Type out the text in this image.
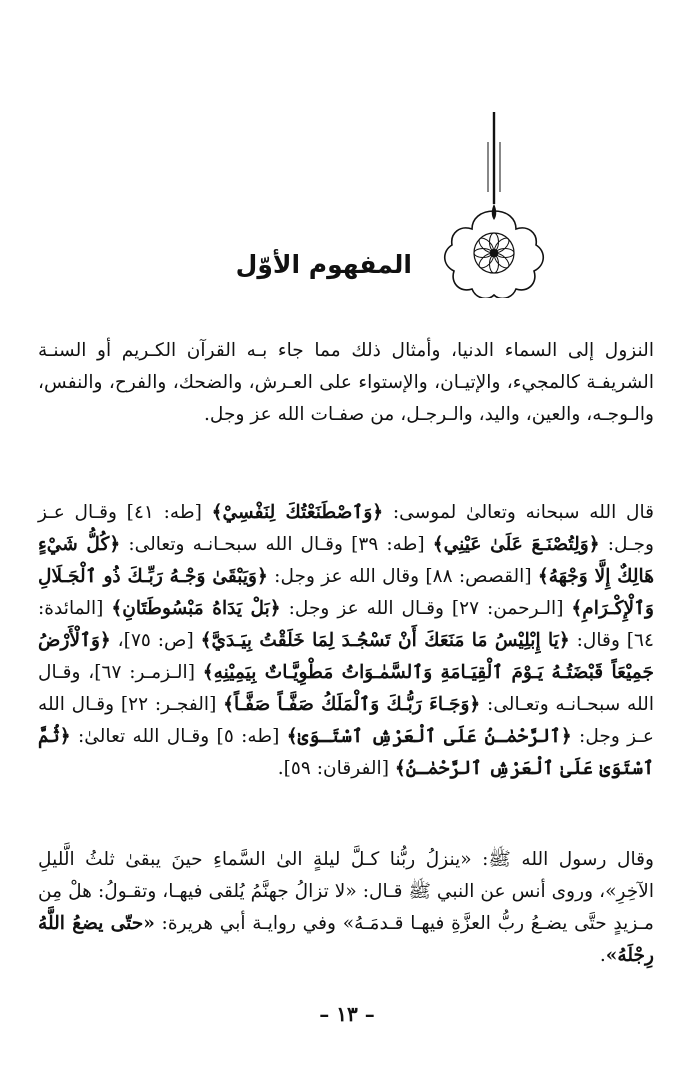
المفهوم الأوّل

النزول إلى السماء الدنيا، وأمثال ذلك مما جاء بـه القرآن الكـريم أو السنـة الشريفـة كالمجيء، والإتيـان، والإستواء على العـرش، والضحك، والفرح، والنفس، والـوجـه، والعين، واليد، والـرجـل، من صفـات الله عز وجل.

قال الله سبحانه وتعالىٰ لموسى: ﴿وَٱصْطَنَعْتُكَ لِنَفْسِيْ﴾ [طه: ٤١] وقـال عـز وجـل: ﴿وَلِتُصْنَـعَ عَلَىٰ عَيْنِي﴾ [طه: ٣٩] وقـال الله سبحـانـه وتعالى: ﴿كُلُّ شَيْءٍ هَالِكٌ إِلَّا وَجْهَهُ﴾ [القصص: ٨٨] وقال الله عز وجل: ﴿وَيَبْقَىٰ وَجْـهُ رَبِّـكَ ذُو ٱلْجَـلَالِ وَٱلْإِكْـرَامِ﴾ [الـرحمن: ٢٧] وقـال الله عز وجل: ﴿بَلْ يَدَاهُ مَبْسُوطَتَانِ﴾ [المائدة: ٦٤] وقال: ﴿يَا إِبْلِيْسُ مَا مَنَعَكَ أَنْ تَسْجُـدَ لِمَا خَلَقْتُ بِيَـدَيَّ﴾ [ص: ٧٥]، ﴿وَٱلْأَرْضُ جَمِيْعَاً قَبْضَتُـهُ يَـوْمَ ٱلْقِيَـامَةِ وَٱلسَّمٰـوَاتُ مَطْوِيَّـاتٌ بِيَمِيْنِهِ﴾ [الـزمـر: ٦٧]، وقـال الله سبحـانـه وتعـالى: ﴿وَجَـاءَ رَبُّـكَ وَٱلْمَلَكُ صَفَّـاً صَفَّـاً﴾ [الفجـر: ٢٢] وقـال الله عـز وجل: ﴿ٱلرَّحْمٰـنُ عَلَى ٱلْعَرْشِ ٱسْتَـوَىٰ﴾ [طه: ٥] وقـال الله تعالىٰ: ﴿ثُمَّ ٱسْتَوَىٰ عَلَىٰ ٱلْعَرْشِ ٱلرَّحْمٰـنُ﴾ [الفرقان: ٥٩].

وقال رسول الله ﷺ: «ينزلُ ربُّنا كـلَّ ليلةٍ الىٰ السَّماءِ حينَ يبقىٰ ثلثُ الَّليلِ الآخِرِ»، وروى أنس عن النبي ﷺ قـال: «لا تزالُ جهنَّمُ يُلقى فيهـا، وتقـولُ: هلْ مِن مـزيدٍ حتَّى يضـعُ ربُّ العزَّةِ فيهـا قـدمَـهُ» وفي روايـة أبي هريرة: «حتّى يضعُ اللَّهُ رِجْلَهُ».

– ١٣ –
